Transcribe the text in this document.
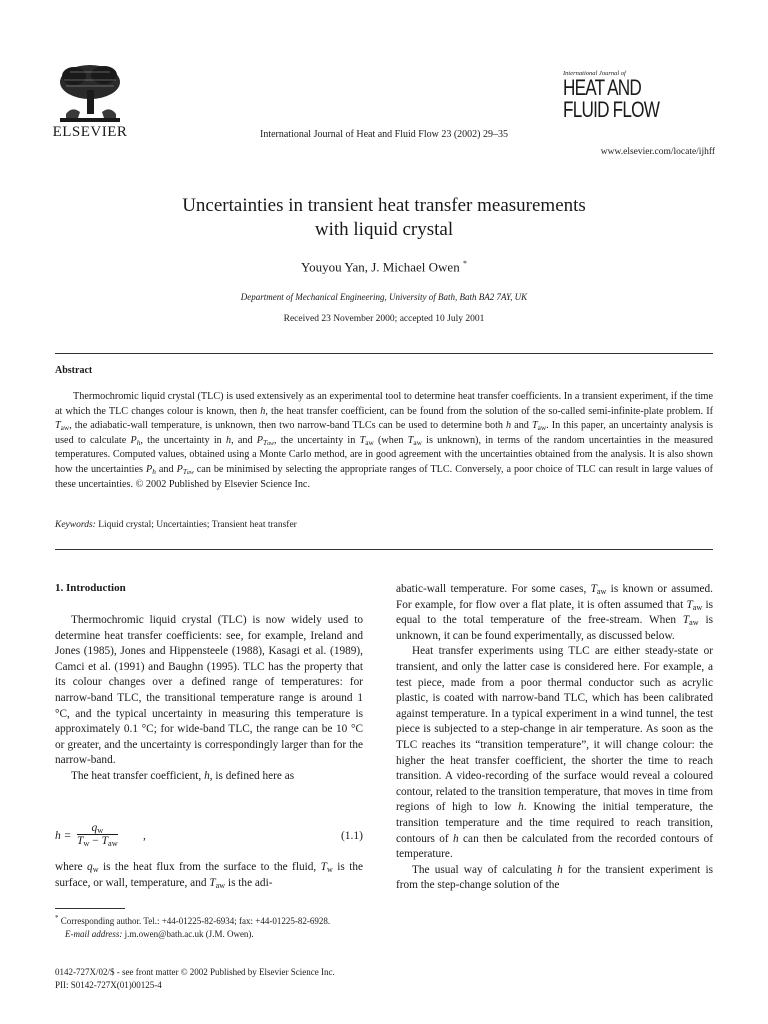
ELSEVIER	International Journal of Heat and Fluid Flow 23 (2002) 29–35
International Journal of
HEAT AND
FLUID FLOW
www.elsevier.com/locate/ijhff
Uncertainties in transient heat transfer measurements
with liquid crystal
Youyou Yan, J. Michael Owen *
Department of Mechanical Engineering, University of Bath, Bath BA2 7AY, UK
Received 23 November 2000; accepted 10 July 2001
Abstract

Thermochromic liquid crystal (TLC) is used extensively as an experimental tool to determine heat transfer coefficients. In a transient experiment, if the time at which the TLC changes colour is known, then h, the heat transfer coefficient, can be found from the solution of the so-called semi-infinite-plate problem. If $T_{aw}$, the adiabatic-wall temperature, is unknown, then two narrow-band TLCs can be used to determine both h and $T_{aw}$. In this paper, an uncertainty analysis is used to calculate $P_h$, the uncertainty in h, and $P_{Taw}$, the uncertainty in $T_{aw}$ (when $T_{aw}$ is unknown), in terms of the random uncertainties in the measured temperatures. Computed values, obtained using a Monte Carlo method, are in good agreement with the uncertainties obtained from the analysis. It is also shown how the uncertainties $P_h$ and $P_{Taw}$ can be minimised by selecting the appropriate ranges of TLC. Conversely, a poor choice of TLC can result in large values of these uncertainties. © 2002 Published by Elsevier Science Inc.

Keywords: Liquid crystal; Uncertainties; Transient heat transfer
1. Introduction

Thermochromic liquid crystal (TLC) is now widely used to determine heat transfer coefficients: see, for example, Ireland and Jones (1985), Jones and Hippensteele (1988), Kasagi et al. (1989), Camci et al. (1991) and Baughn (1995). TLC has the property that its colour changes over a defined range of temperatures: for narrow-band TLC, the transitional temperature range is around 1 °C, and the typical uncertainty in measuring this temperature is approximately 0.1 °C; for wide-band TLC, the range can be 10 °C or greater, and the uncertainty is correspondingly larger than for the narrow-band.

The heat transfer coefficient, h, is defined here as

h =
$q_w$
$T_w - T_{aw}$
,	(1.1)

where $q_w$ is the heat flux from the surface to the fluid, $T_w$ is the surface, or wall, temperature, and $T_{aw}$ is the adi-

* Corresponding author. Tel.: +44-01225-82-6934; fax: +44-01225-82-6928.

E-mail address: j.m.owen@bath.ac.uk (J.M. Owen).

abatic-wall temperature. For some cases, $T_{aw}$ is known or assumed. For example, for flow over a flat plate, it is often assumed that $T_{aw}$ is equal to the total temperature of the free-stream. When $T_{aw}$ is unknown, it can be found experimentally, as discussed below.

Heat transfer experiments using TLC are either steady-state or transient, and only the latter case is considered here. For example, a test piece, made from a poor thermal conductor such as acrylic plastic, is coated with narrow-band TLC, which has been calibrated against temperature. In a typical experiment in a wind tunnel, the test piece is subjected to a step-change in air temperature. As soon as the TLC reaches its “transition temperature”, it will change colour: the higher the heat transfer coefficient, the shorter the time to reach transition. A video-recording of the surface would reveal a coloured contour, related to the transition temperature, that moves in time from regions of high to low h. Knowing the initial temperature, the transition temperature and the time required to reach transition, contours of h can then be calculated from the recorded contours of temperature.

The usual way of calculating h for the transient experiment is from the step-change solution of the

0142-727X/02/$ - see front matter © 2002 Published by Elsevier Science Inc.

PII: S0142-727X(01)00125-4
